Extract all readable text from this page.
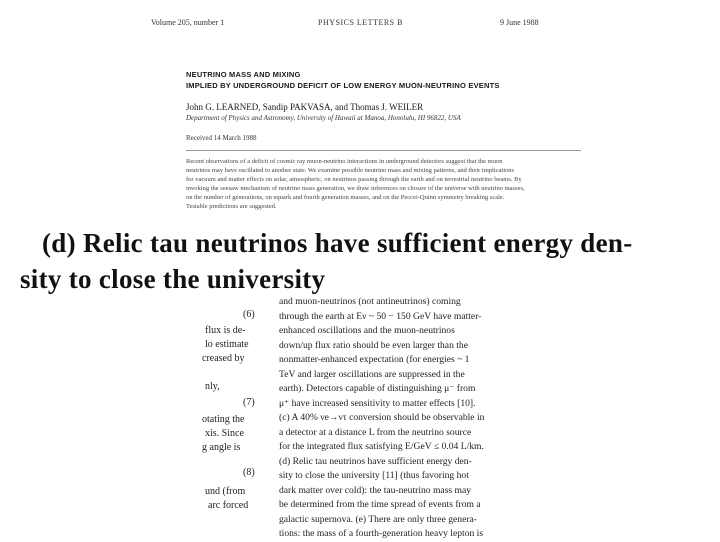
Volume 205, number 1	PHYSICS LETTERS B	9 June 1988
NEUTRINO MASS AND MIXING
IMPLIED BY UNDERGROUND DEFICIT OF LOW ENERGY MUON-NEUTRINO EVENTS
John G. LEARNED, Sandip PAKVASA, and Thomas J. WEILER
Department of Physics and Astronomy, University of Hawaii at Manoa, Honolulu, HI 96822, USA
Received 14 March 1988
Recent observations of a deficit of cosmic ray muon-neutrino interactions in underground detectors suggest that the muon
neutrinos may have oscillated to another state. We examine possible neutrino mass and mixing patterns, and their implications
for vacuum and matter effects on solar, atmospheric, on neutrinos passing through the earth and on terrestrial neutrino beams. By
invoking the seesaw mechanism of neutrino mass generation, we draw inferences on closure of the universe with neutrino masses,
on the number of generations, on equark and fourth generation masses, and on the Peccei-Quinn symmetry breaking scale.
Testable predictions are suggested.
(d) Relic tau neutrinos have sufficient energy den-
sity to close the university
(6)
flux is de-
lo estimate
creased by
nly,
(7)
otating the
xis. Since
g angle is
(8)
und (from
arc forced
and muon-neutrinos (not antineutrinos) coming
through the earth at Eν ~ 50 − 150 GeV have matter-
enhanced oscillations and the muon-neutrinos
down/up flux ratio should be even larger than the
nonmatter-enhanced expectation (for energies ~ 1
TeV and larger oscillations are suppressed in the
earth). Detectors capable of distinguishing μ⁻ from
μ⁺ have increased sensitivity to matter effects [10].
(c) A 40% νe→ντ conversion should be observable in
a detector at a distance L from the neutrino source
for the integrated flux satisfying E/GeV ≤ 0.04 L/km.
(d) Relic tau neutrinos have sufficient energy den-
sity to close the university [11] (thus favoring hot
dark matter over cold): the tau-neutrino mass may
be determined from the time spread of events from a
galactic supernova. (e) There are only three genera-
tions: the mass of a fourth-generation heavy lepton is
